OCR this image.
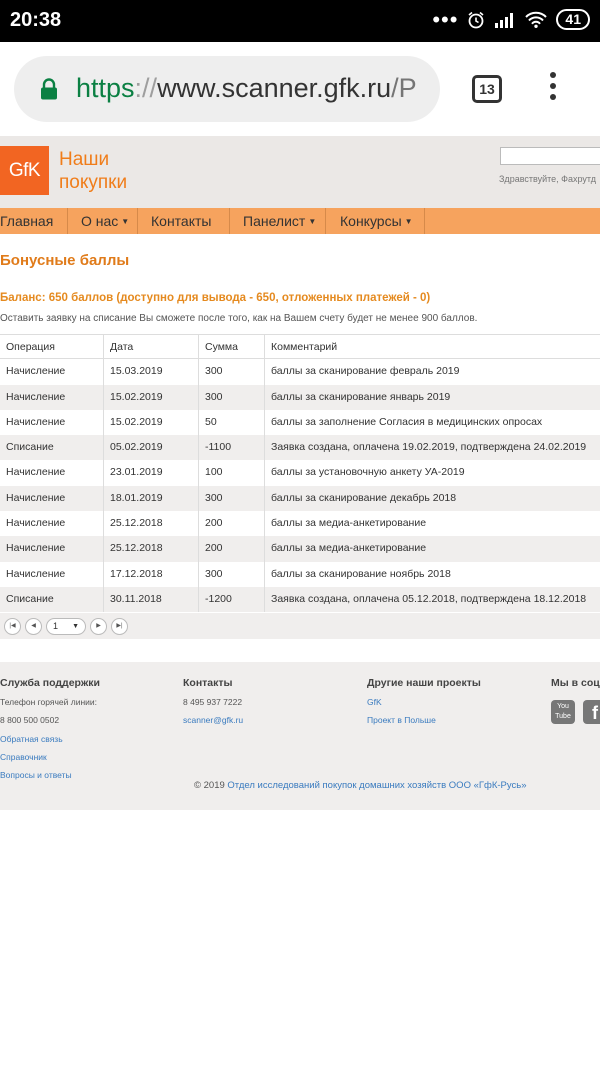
20:38	•••	41
https://www.scanner.gfk.ru/P	13
GfK
Наши
покупки	Здравствуйте, Фахрутд
Главная О нас ▼ Контакты Панелист ▼ Конкурсы ▼
Бонусные баллы
Баланс: 650 баллов (доступно для вывода - 650, отложенных платежей - 0)
Оставить заявку на списание Вы сможете после того, как на Вашем счету будет не менее 900 баллов.
Операция	Дата	Сумма	Комментарий
Начисление	15.03.2019	300	баллы за сканирование февраль 2019
Начисление	15.02.2019	300	баллы за сканирование январь 2019
Начисление	15.02.2019	50	баллы за заполнение Согласия в медицинских опросах
Списание	05.02.2019	-1100	Заявка создана, оплачена 19.02.2019, подтверждена 24.02.2019
Начисление	23.01.2019	100	баллы за установочную анкету УА-2019
Начисление	18.01.2019	300	баллы за сканирование декабрь 2018
Начисление	25.12.2018	200	баллы за медиа-анкетирование
Начисление	25.12.2018	200	баллы за медиа-анкетирование
Начисление	17.12.2018	300	баллы за сканирование ноябрь 2018
Списание	30.11.2018	-1200	Заявка создана, оплачена 05.12.2018, подтверждена 18.12.2018
|◀	◀	1 ▼	▶	▶|
Служба поддержки
Телефон горячей линии:
8 800 500 0502
Обратная связь
Справочник
Вопросы и ответы
Контакты
8 495 937 7222
scanner@gfk.ru
Другие наши проекты
GfK
Проект в Польше
Мы в соц
You Tube	f
© 2019 Отдел исследований покупок домашних хозяйств ООО «ГфК-Русь»
